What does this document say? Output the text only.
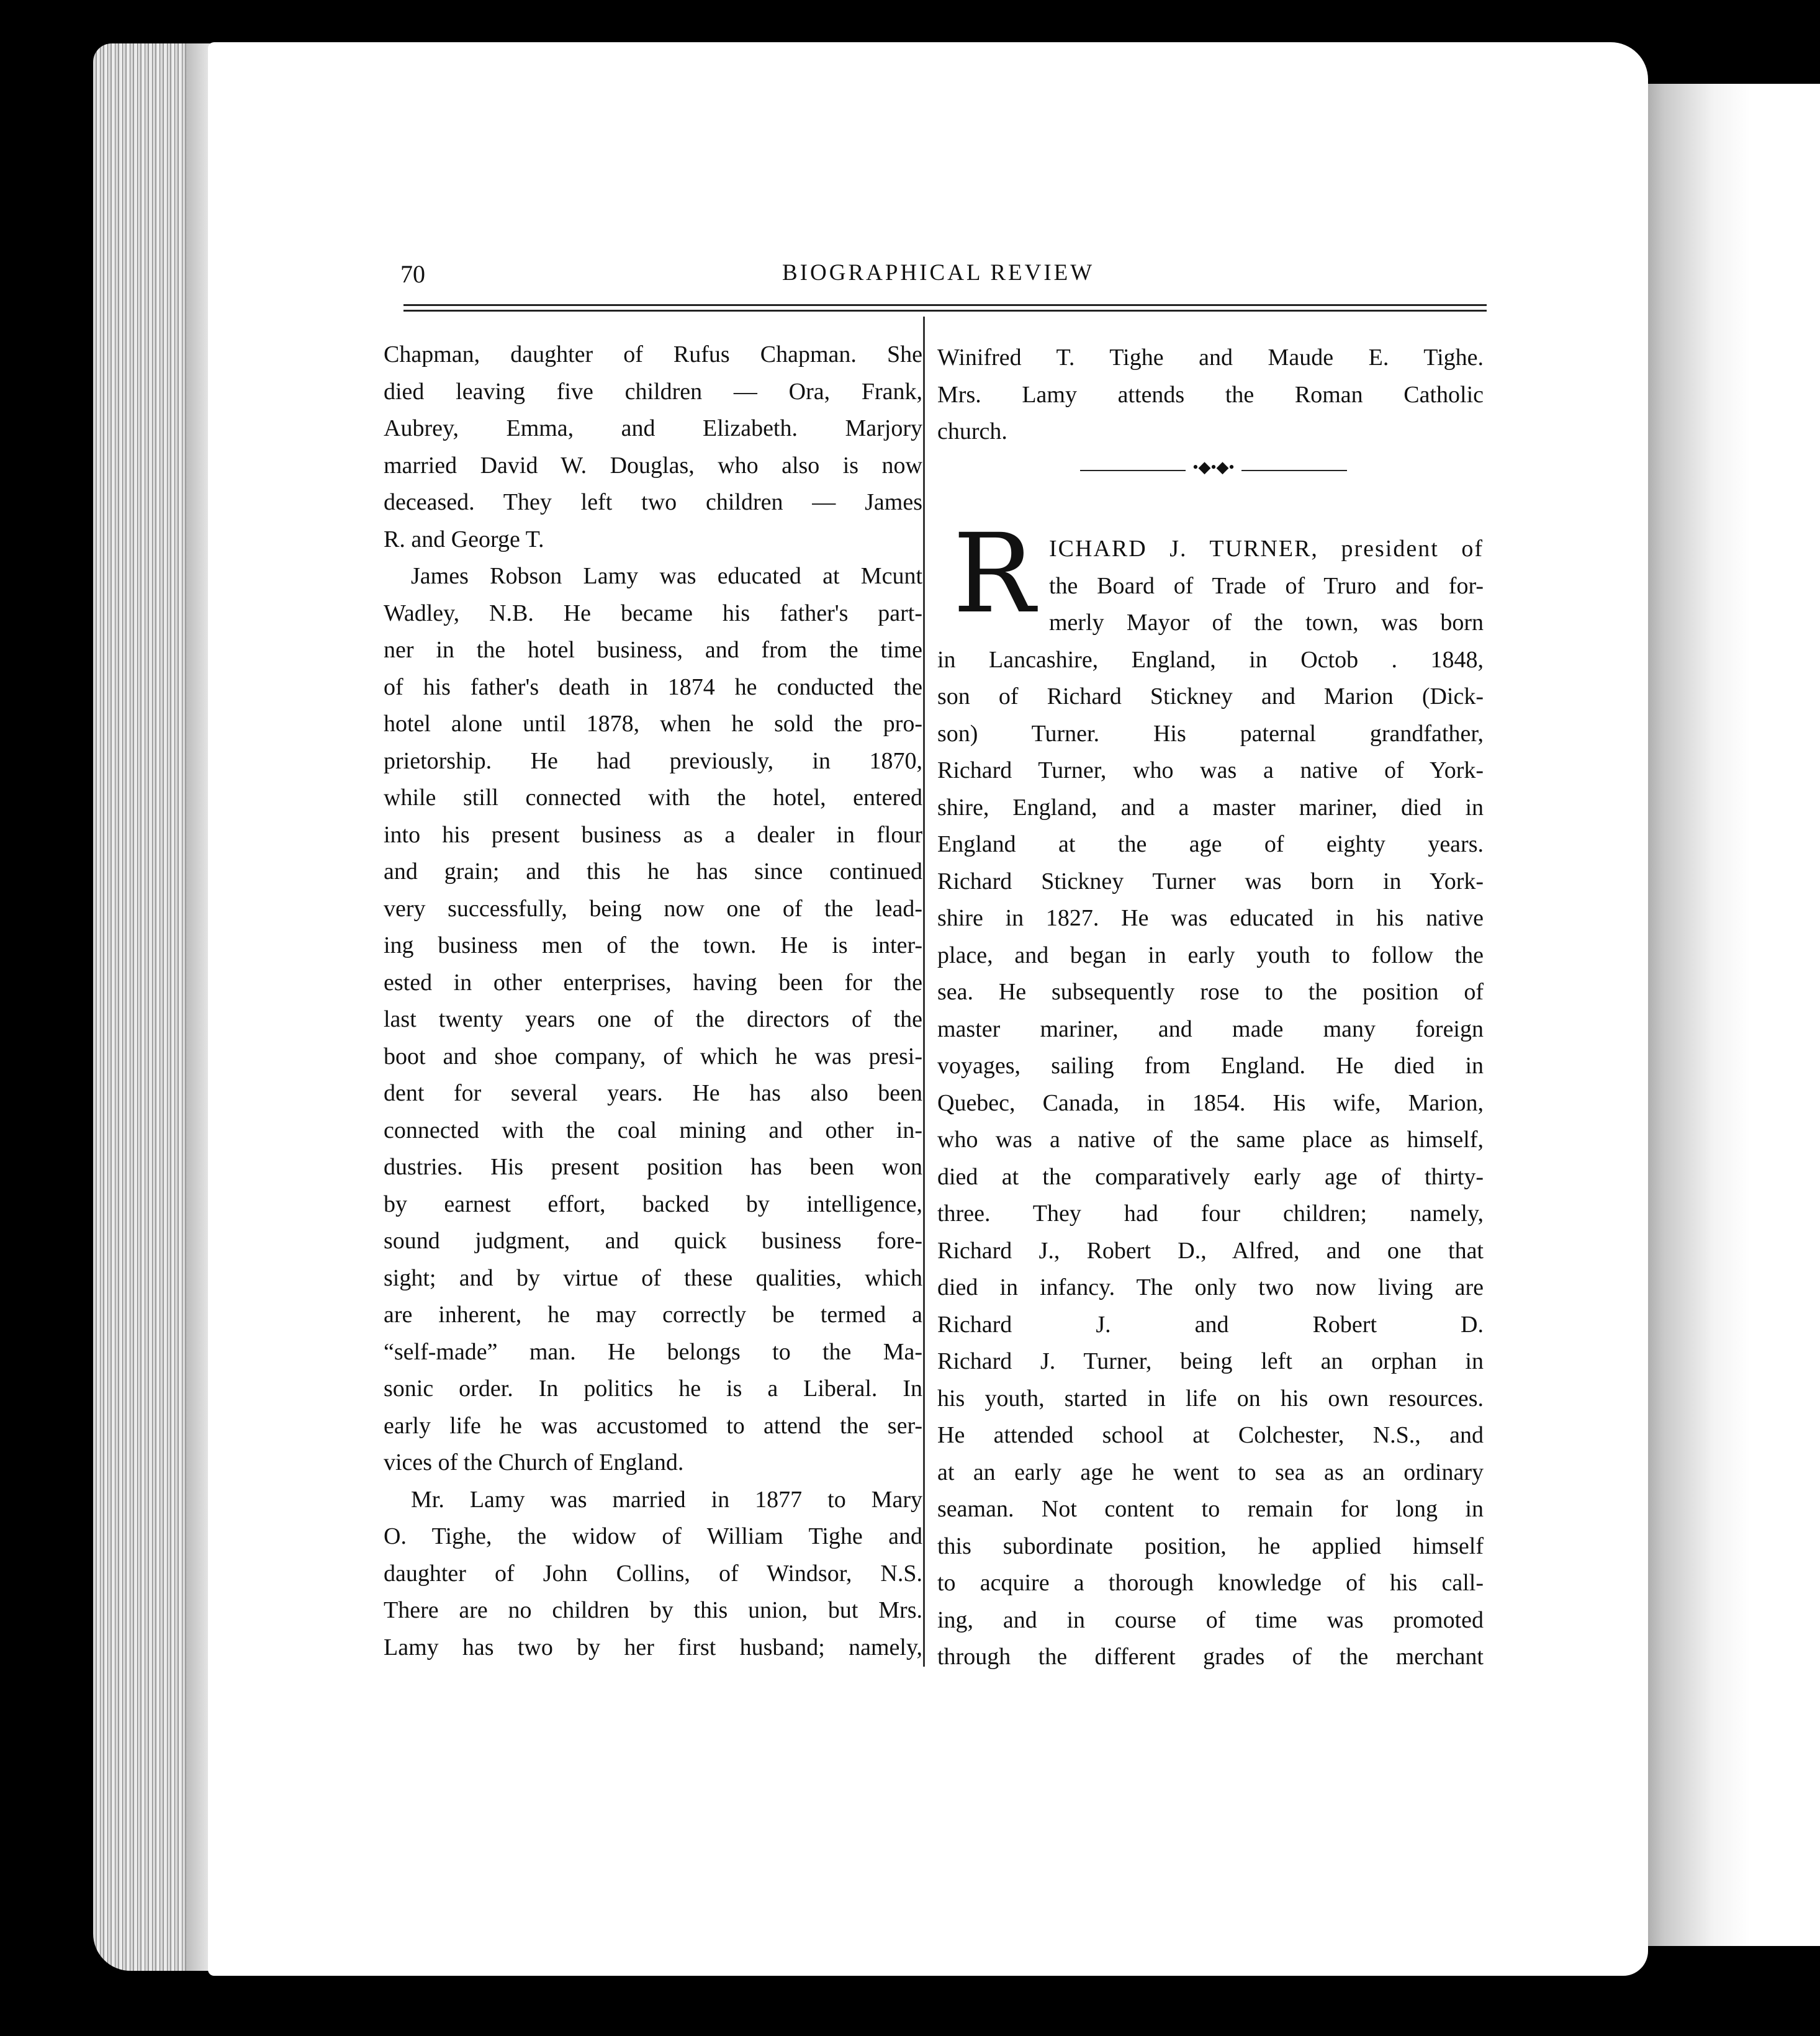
70	BIOGRAPHICAL REVIEW

Chapman, daughter of Rufus Chapman. She

died leaving five children — Ora, Frank,

Aubrey, Emma, and Elizabeth. Marjory

married David W. Douglas, who also is now

deceased. They left two children — James

R. and George T.

James Robson Lamy was educated at Mcunt

Wadley, N.B. He became his father's part-

ner in the hotel business, and from the time

of his father's death in 1874 he conducted the

hotel alone until 1878, when he sold the pro-

prietorship. He had previously, in 1870,

while still connected with the hotel, entered

into his present business as a dealer in flour

and grain; and this he has since continued

very successfully, being now one of the lead-

ing business men of the town. He is inter-

ested in other enterprises, having been for the

last twenty years one of the directors of the

boot and shoe company, of which he was presi-

dent for several years. He has also been

connected with the coal mining and other in-

dustries. His present position has been won

by earnest effort, backed by intelligence,

sound judgment, and quick business fore-

sight; and by virtue of these qualities, which

are inherent, he may correctly be termed a

“self-made” man. He belongs to the Ma-

sonic order. In politics he is a Liberal. In

early life he was accustomed to attend the ser-

vices of the Church of England.

Mr. Lamy was married in 1877 to Mary

O. Tighe, the widow of William Tighe and

daughter of John Collins, of Windsor, N.S.

There are no children by this union, but Mrs.

Lamy has two by her first husband; namely,

Winifred T. Tighe and Maude E. Tighe.

Mrs. Lamy attends the Roman Catholic

church.

•◆•◆•
R ICHARD J. TURNER, president of

the Board of Trade of Truro and for-

merly Mayor of the town, was born

in Lancashire, England, in Octob . 1848,

son of Richard Stickney and Marion (Dick-

son) Turner. His paternal grandfather,

Richard Turner, who was a native of York-

shire, England, and a master mariner, died in

England at the age of eighty years.

Richard Stickney Turner was born in York-

shire in 1827. He was educated in his native

place, and began in early youth to follow the

sea. He subsequently rose to the position of

master mariner, and made many foreign

voyages, sailing from England. He died in

Quebec, Canada, in 1854. His wife, Marion,

who was a native of the same place as himself,

died at the comparatively early age of thirty-

three. They had four children; namely,

Richard J., Robert D., Alfred, and one that

died in infancy. The only two now living are

Richard J. and Robert D.

Richard J. Turner, being left an orphan in

his youth, started in life on his own resources.

He attended school at Colchester, N.S., and

at an early age he went to sea as an ordinary

seaman. Not content to remain for long in

this subordinate position, he applied himself

to acquire a thorough knowledge of his call-

ing, and in course of time was promoted

through the different grades of the merchant
